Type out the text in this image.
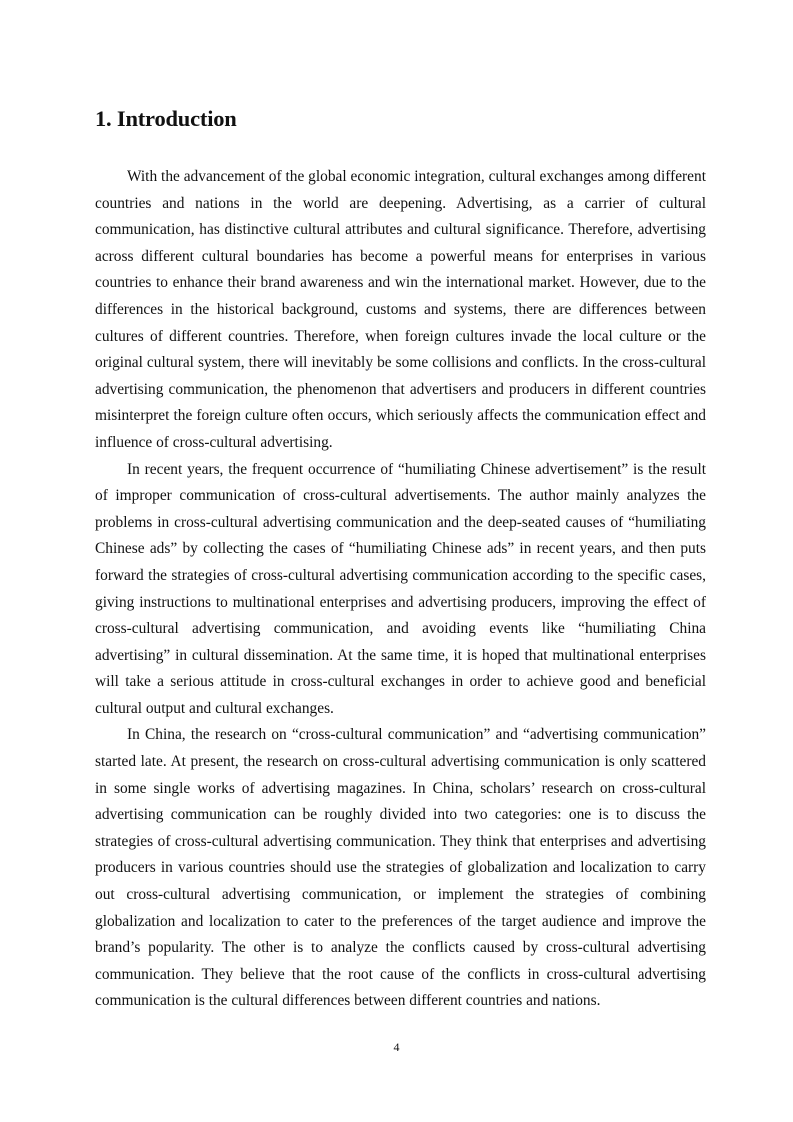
1. Introduction

With the advancement of the global economic integration, cultural exchanges among different countries and nations in the world are deepening. Advertising, as a carrier of cultural communication, has distinctive cultural attributes and cultural significance. Therefore, advertising across different cultural boundaries has become a powerful means for enterprises in various countries to enhance their brand awareness and win the international market. However, due to the differences in the historical background, customs and systems, there are differences between cultures of different countries. Therefore, when foreign cultures invade the local culture or the original cultural system, there will inevitably be some collisions and conflicts. In the cross-cultural advertising communication, the phenomenon that advertisers and producers in different countries misinterpret the foreign culture often occurs, which seriously affects the communication effect and influence of cross-cultural advertising.

In recent years, the frequent occurrence of “humiliating Chinese advertisement” is the result of improper communication of cross-cultural advertisements. The author mainly analyzes the problems in cross-cultural advertising communication and the deep-seated causes of “humiliating Chinese ads” by collecting the cases of “humiliating Chinese ads” in recent years, and then puts forward the strategies of cross-cultural advertising communication according to the specific cases, giving instructions to multinational enterprises and advertising producers, improving the effect of cross-cultural advertising communication, and avoiding events like “humiliating China advertising” in cultural dissemination. At the same time, it is hoped that multinational enterprises will take a serious attitude in cross-cultural exchanges in order to achieve good and beneficial cultural output and cultural exchanges.

In China, the research on “cross-cultural communication” and “advertising communication” started late. At present, the research on cross-cultural advertising communication is only scattered in some single works of advertising magazines. In China, scholars’ research on cross-cultural advertising communication can be roughly divided into two categories: one is to discuss the strategies of cross-cultural advertising communication. They think that enterprises and advertising producers in various countries should use the strategies of globalization and localization to carry out cross-cultural advertising communication, or implement the strategies of combining globalization and localization to cater to the preferences of the target audience and improve the brand’s popularity. The other is to analyze the conflicts caused by cross-cultural advertising communication. They believe that the root cause of the conflicts in cross-cultural advertising communication is the cultural differences between different countries and nations.

4
